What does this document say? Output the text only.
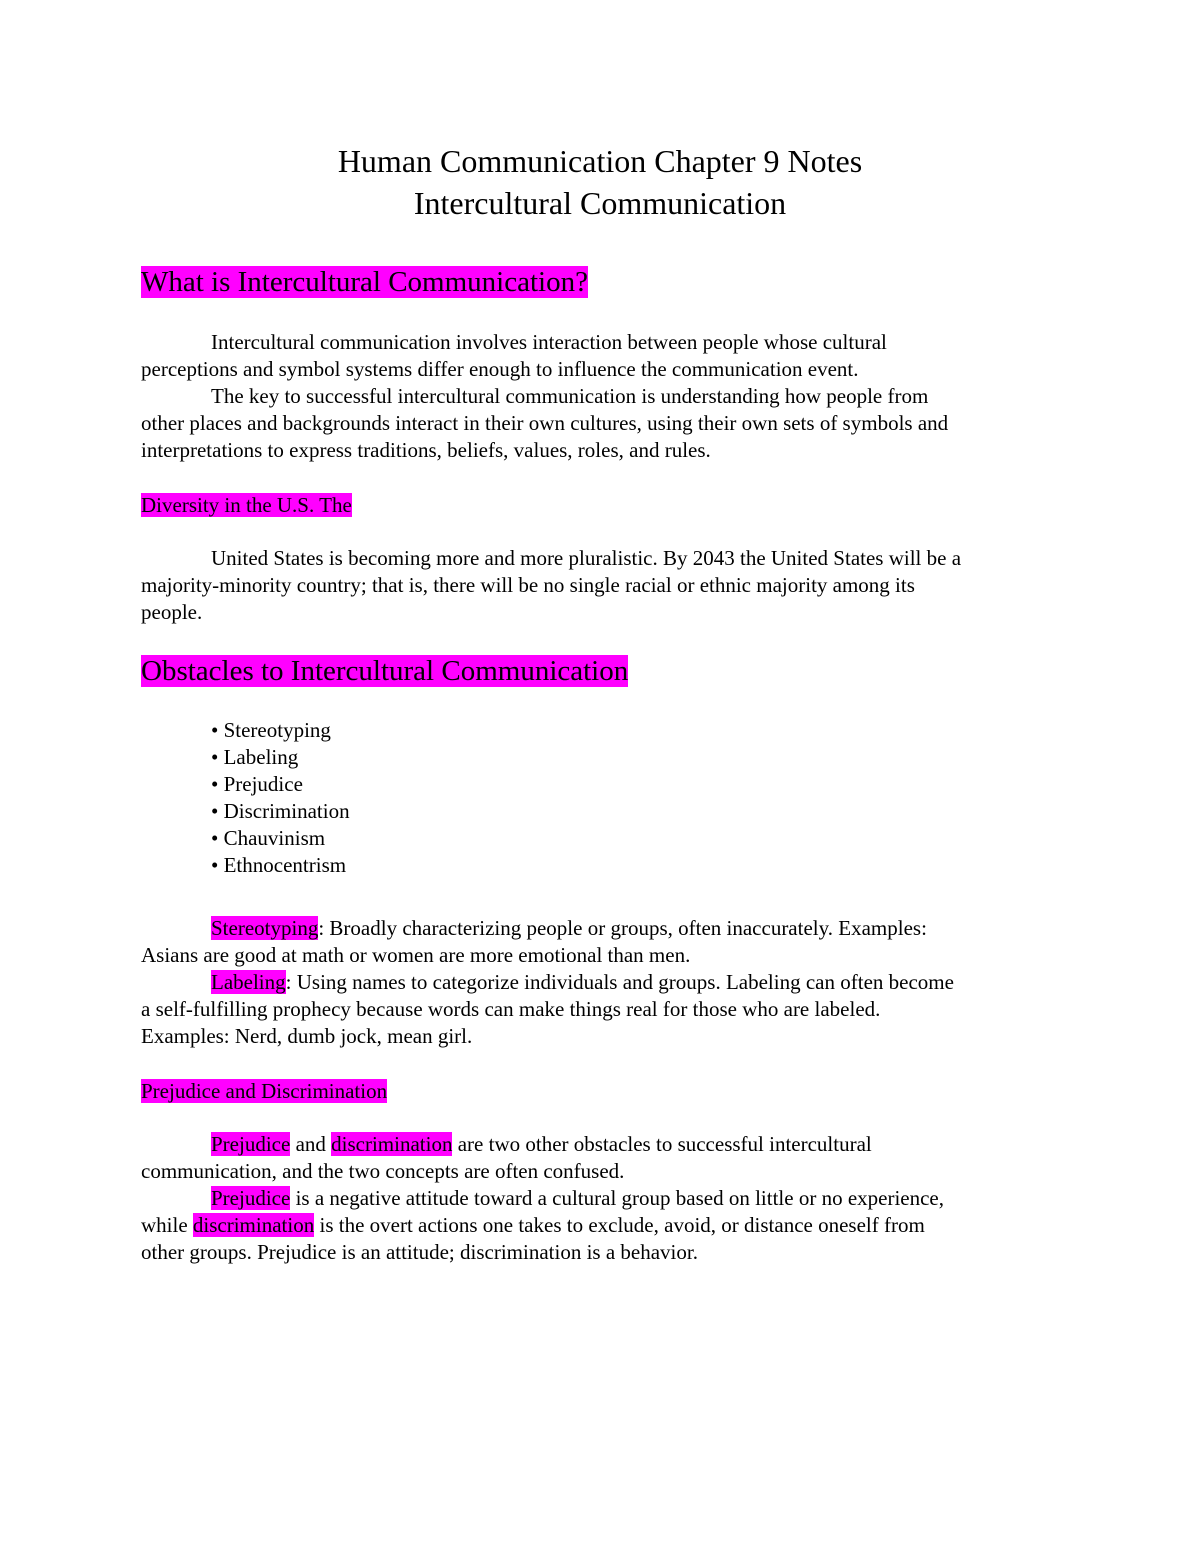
Human Communication Chapter 9 Notes
Intercultural Communication
What is Intercultural Communication?
Intercultural communication involves interaction between people whose cultural
perceptions and symbol systems differ enough to influence the communication event.
The key to successful intercultural communication is understanding how people from
other places and backgrounds interact in their own cultures, using their own sets of symbols and
interpretations to express traditions, beliefs, values, roles, and rules.
Diversity in the U.S. The
United States is becoming more and more pluralistic. By 2043 the United States will be a
majority-minority country; that is, there will be no single racial or ethnic majority among its
people.
Obstacles to Intercultural Communication
• Stereotyping
• Labeling
• Prejudice
• Discrimination
• Chauvinism
• Ethnocentrism
Stereotyping: Broadly characterizing people or groups, often inaccurately. Examples:
Asians are good at math or women are more emotional than men.
Labeling: Using names to categorize individuals and groups. Labeling can often become
a self-fulfilling prophecy because words can make things real for those who are labeled.
Examples: Nerd, dumb jock, mean girl.
Prejudice and Discrimination
Prejudice and discrimination are two other obstacles to successful intercultural
communication, and the two concepts are often confused.
Prejudice is a negative attitude toward a cultural group based on little or no experience,
while discrimination is the overt actions one takes to exclude, avoid, or distance oneself from
other groups. Prejudice is an attitude; discrimination is a behavior.
